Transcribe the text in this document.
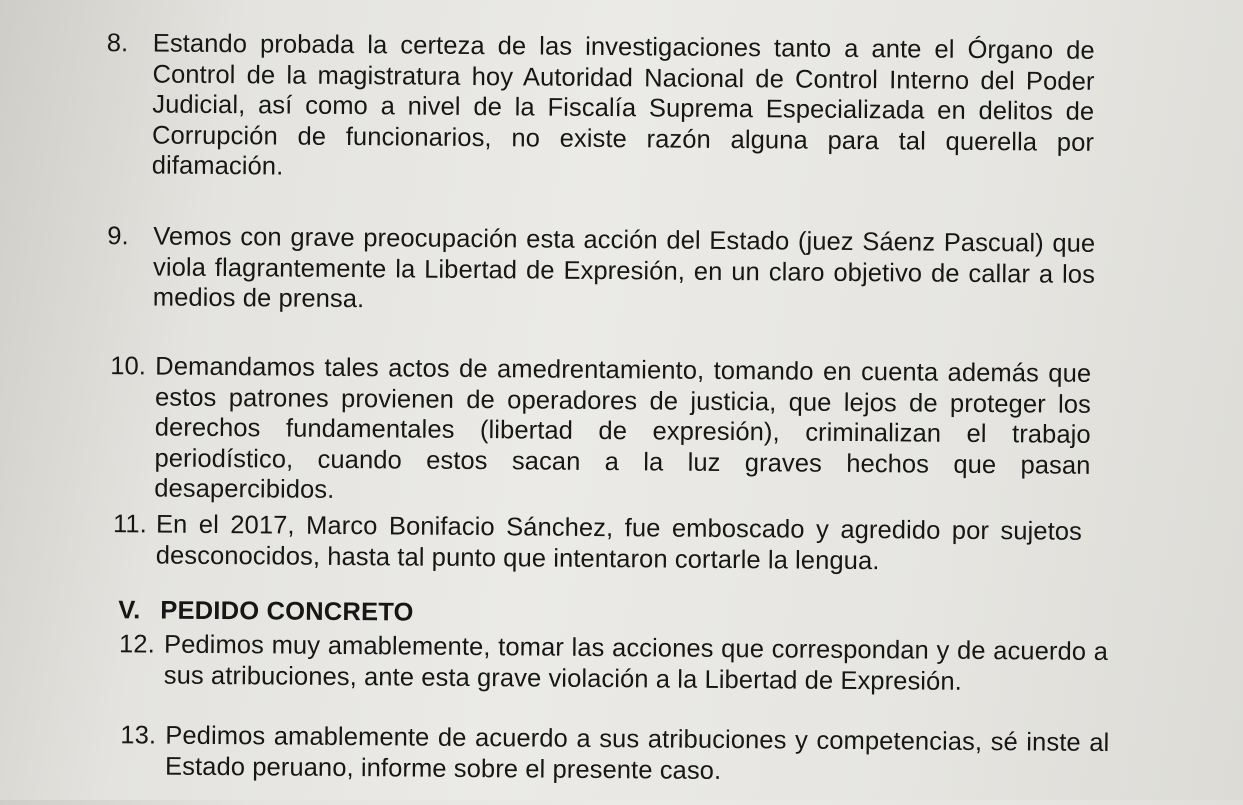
8. Estando probada la certeza de las investigaciones tanto a ante el Órgano de Control de la magistratura hoy Autoridad Nacional de Control Interno del Poder Judicial, así como a nivel de la Fiscalía Suprema Especializada en delitos de Corrupción de funcionarios, no existe razón alguna para tal querella por difamación.
9. Vemos con grave preocupación esta acción del Estado (juez Sáenz Pascual) que viola flagrantemente la Libertad de Expresión, en un claro objetivo de callar a los medios de prensa.
10. Demandamos tales actos de amedrentamiento, tomando en cuenta además que estos patrones provienen de operadores de justicia, que lejos de proteger los derechos fundamentales (libertad de expresión), criminalizan el trabajo periodístico, cuando estos sacan a la luz graves hechos que pasan desapercibidos.
11. En el 2017, Marco Bonifacio Sánchez, fue emboscado y agredido por sujetos desconocidos, hasta tal punto que intentaron cortarle la lengua.
V. PEDIDO CONCRETO
12. Pedimos muy amablemente, tomar las acciones que correspondan y de acuerdo a sus atribuciones, ante esta grave violación a la Libertad de Expresión.
13. Pedimos amablemente de acuerdo a sus atribuciones y competencias, sé inste al Estado peruano, informe sobre el presente caso.
